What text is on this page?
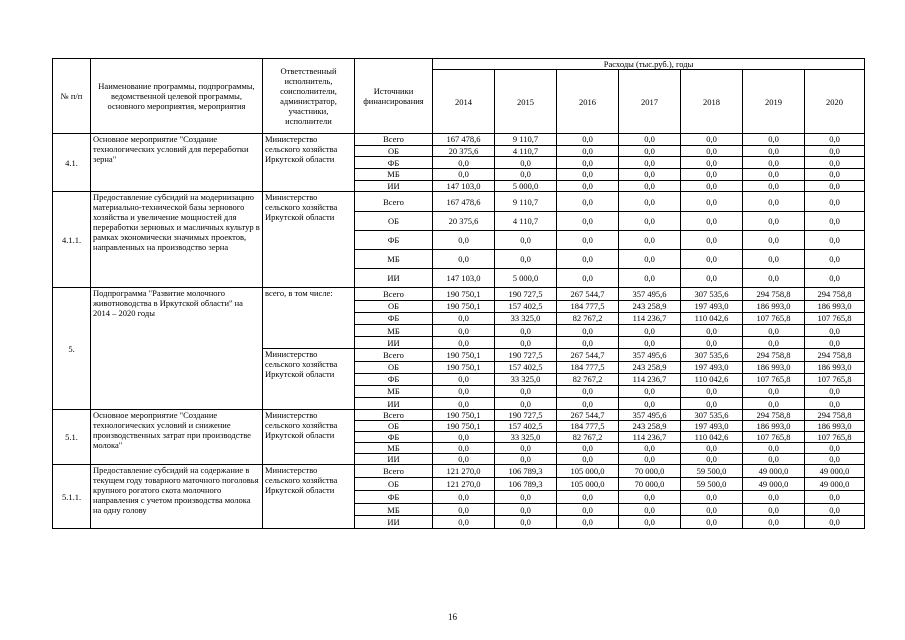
№ п/п	Наименование программы, подпрограммы, ведомственной целевой программы, основного мероприятия, мероприятия	Ответственный исполнитель, соисполнители, администратор, участники, исполнители	Источники финансирования	Расходы (тыс.руб.), годы						
				2014	2015	2016	2017	2018	2019	2020
4.1.	Основное мероприятие "Создание технологических условий для переработки зерна"	Министерство сельского хозяйства Иркутской области	Всего	167 478,6	9 110,7	0,0	0,0	0,0	0,0	0,0
			ОБ	20 375,6	4 110,7	0,0	0,0	0,0	0,0	0,0
			ФБ	0,0	0,0	0,0	0,0	0,0	0,0	0,0
			МБ	0,0	0,0	0,0	0,0	0,0	0,0	0,0
			ИИ	147 103,0	5 000,0	0,0	0,0	0,0	0,0	0,0
4.1.1.	Предоставление субсидий на модернизацию материально-технической базы зернового хозяйства и увеличение мощностей для переработки зерновых и масличных культур в рамках экономически значимых проектов, направленных на производство зерна	Министерство сельского хозяйства Иркутской области	Всего	167 478,6	9 110,7	0,0	0,0	0,0	0,0	0,0
			ОБ	20 375,6	4 110,7	0,0	0,0	0,0	0,0	0,0
			ФБ	0,0	0,0	0,0	0,0	0,0	0,0	0,0
			МБ	0,0	0,0	0,0	0,0	0,0	0,0	0,0
			ИИ	147 103,0	5 000,0	0,0	0,0	0,0	0,0	0,0
5.	Подпрограмма "Развитие молочного животноводства в Иркутской области" на 2014 – 2020 годы	всего, в том числе:	Всего	190 750,1	190 727,5	267 544,7	357 495,6	307 535,6	294 758,8	294 758,8
			ОБ	190 750,1	157 402,5	184 777,5	243 258,9	197 493,0	186 993,0	186 993,0
			ФБ	0,0	33 325,0	82 767,2	114 236,7	110 042,6	107 765,8	107 765,8
			МБ	0,0	0,0	0,0	0,0	0,0	0,0	0,0
			ИИ	0,0	0,0	0,0	0,0	0,0	0,0	0,0
		Министерство сельского хозяйства Иркутской области	Всего	190 750,1	190 727,5	267 544,7	357 495,6	307 535,6	294 758,8	294 758,8
			ОБ	190 750,1	157 402,5	184 777,5	243 258,9	197 493,0	186 993,0	186 993,0
			ФБ	0,0	33 325,0	82 767,2	114 236,7	110 042,6	107 765,8	107 765,8
			МБ	0,0	0,0	0,0	0,0	0,0	0,0	0,0
			ИИ	0,0	0,0	0,0	0,0	0,0	0,0	0,0
5.1.	Основное мероприятие "Создание технологических условий и снижение производственных затрат при производстве молока"	Министерство сельского хозяйства Иркутской области	Всего	190 750,1	190 727,5	267 544,7	357 495,6	307 535,6	294 758,8	294 758,8
			ОБ	190 750,1	157 402,5	184 777,5	243 258,9	197 493,0	186 993,0	186 993,0
			ФБ	0,0	33 325,0	82 767,2	114 236,7	110 042,6	107 765,8	107 765,8
			МБ	0,0	0,0	0,0	0,0	0,0	0,0	0,0
			ИИ	0,0	0,0	0,0	0,0	0,0	0,0	0,0
5.1.1.	Предоставление субсидий на содержание в текущем году товарного маточного поголовья крупного рогатого скота молочного направления с учетом производства молока на одну голову	Министерство сельского хозяйства Иркутской области	Всего	121 270,0	106 789,3	105 000,0	70 000,0	59 500,0	49 000,0	49 000,0
			ОБ	121 270,0	106 789,3	105 000,0	70 000,0	59 500,0	49 000,0	49 000,0
			ФБ	0,0	0,0	0,0	0,0	0,0	0,0	0,0
			МБ	0,0	0,0	0,0	0,0	0,0	0,0	0,0
			ИИ	0,0	0,0	0,0	0,0	0,0	0,0	0,0
16
